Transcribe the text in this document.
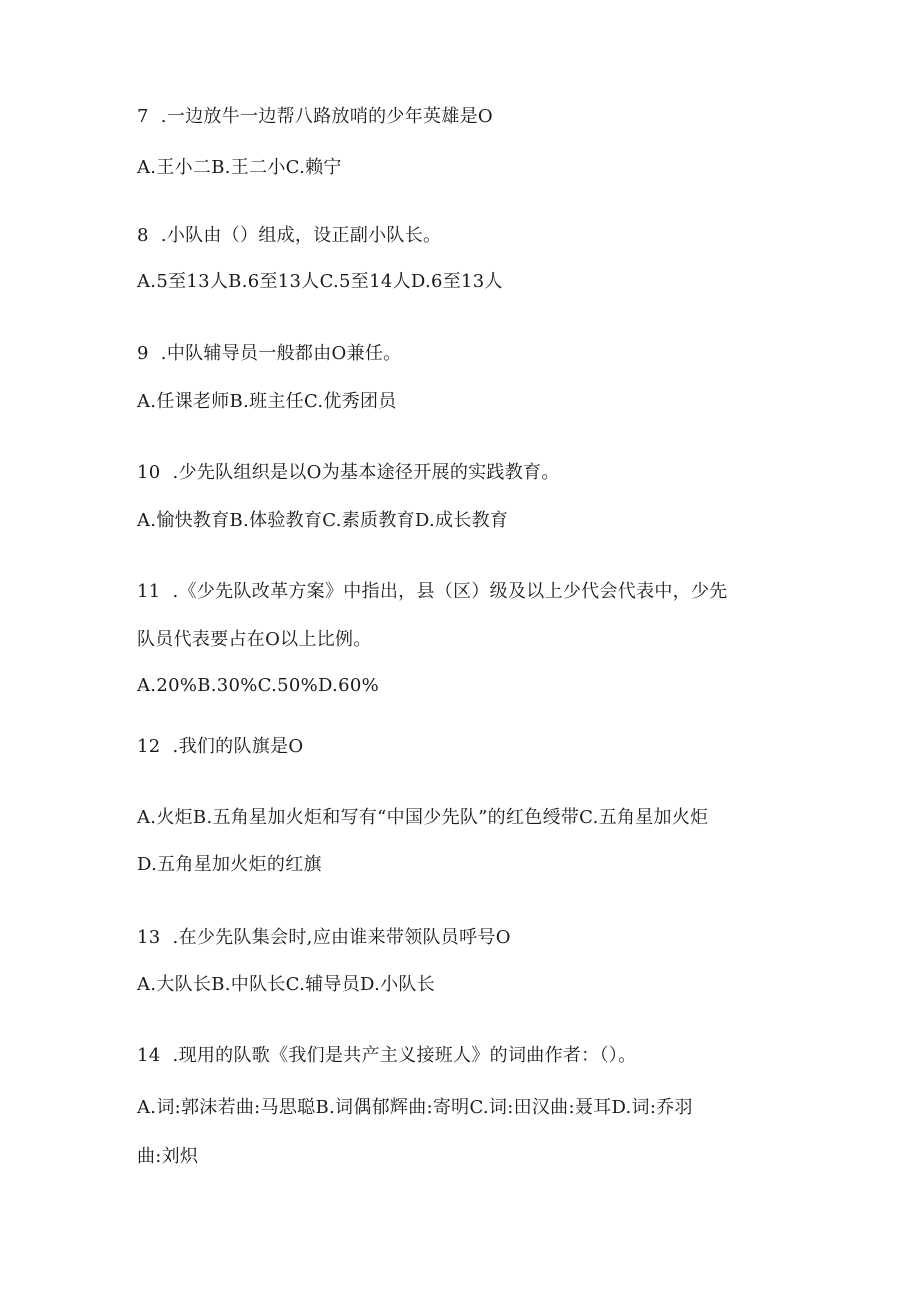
7  .一边放牛一边帮八路放哨的少年英雄是O
A.王小二B.王二小C.赖宁
8  .小队由（）组成，设正副小队长。
A.5至13人B.6至13人C.5至14人D.6至13人
9  .中队辅导员一般都由O兼任。
A.任课老师B.班主任C.优秀团员
10  .少先队组织是以O为基本途径开展的实践教育。
A.愉快教育B.体验教育C.素质教育D.成长教育
11  .《少先队改革方案》中指出，县（区）级及以上少代会代表中，少先
队员代表要占在O以上比例。
A.20%B.30%C.50%D.60%
12  .我们的队旗是O
A.火炬B.五角星加火炬和写有“中国少先队”的红色绶带C.五角星加火炬
D.五角星加火炬的红旗
13  .在少先队集会时,应由谁来带领队员呼号O
A.大队长B.中队长C.辅导员D.小队长
14  .现用的队歌《我们是共产主义接班人》的词曲作者：（）。
A.词:郭沫若曲:马思聪B.词偶郁辉曲:寄明C.词:田汉曲:聂耳D.词:乔羽
曲:刘炽
